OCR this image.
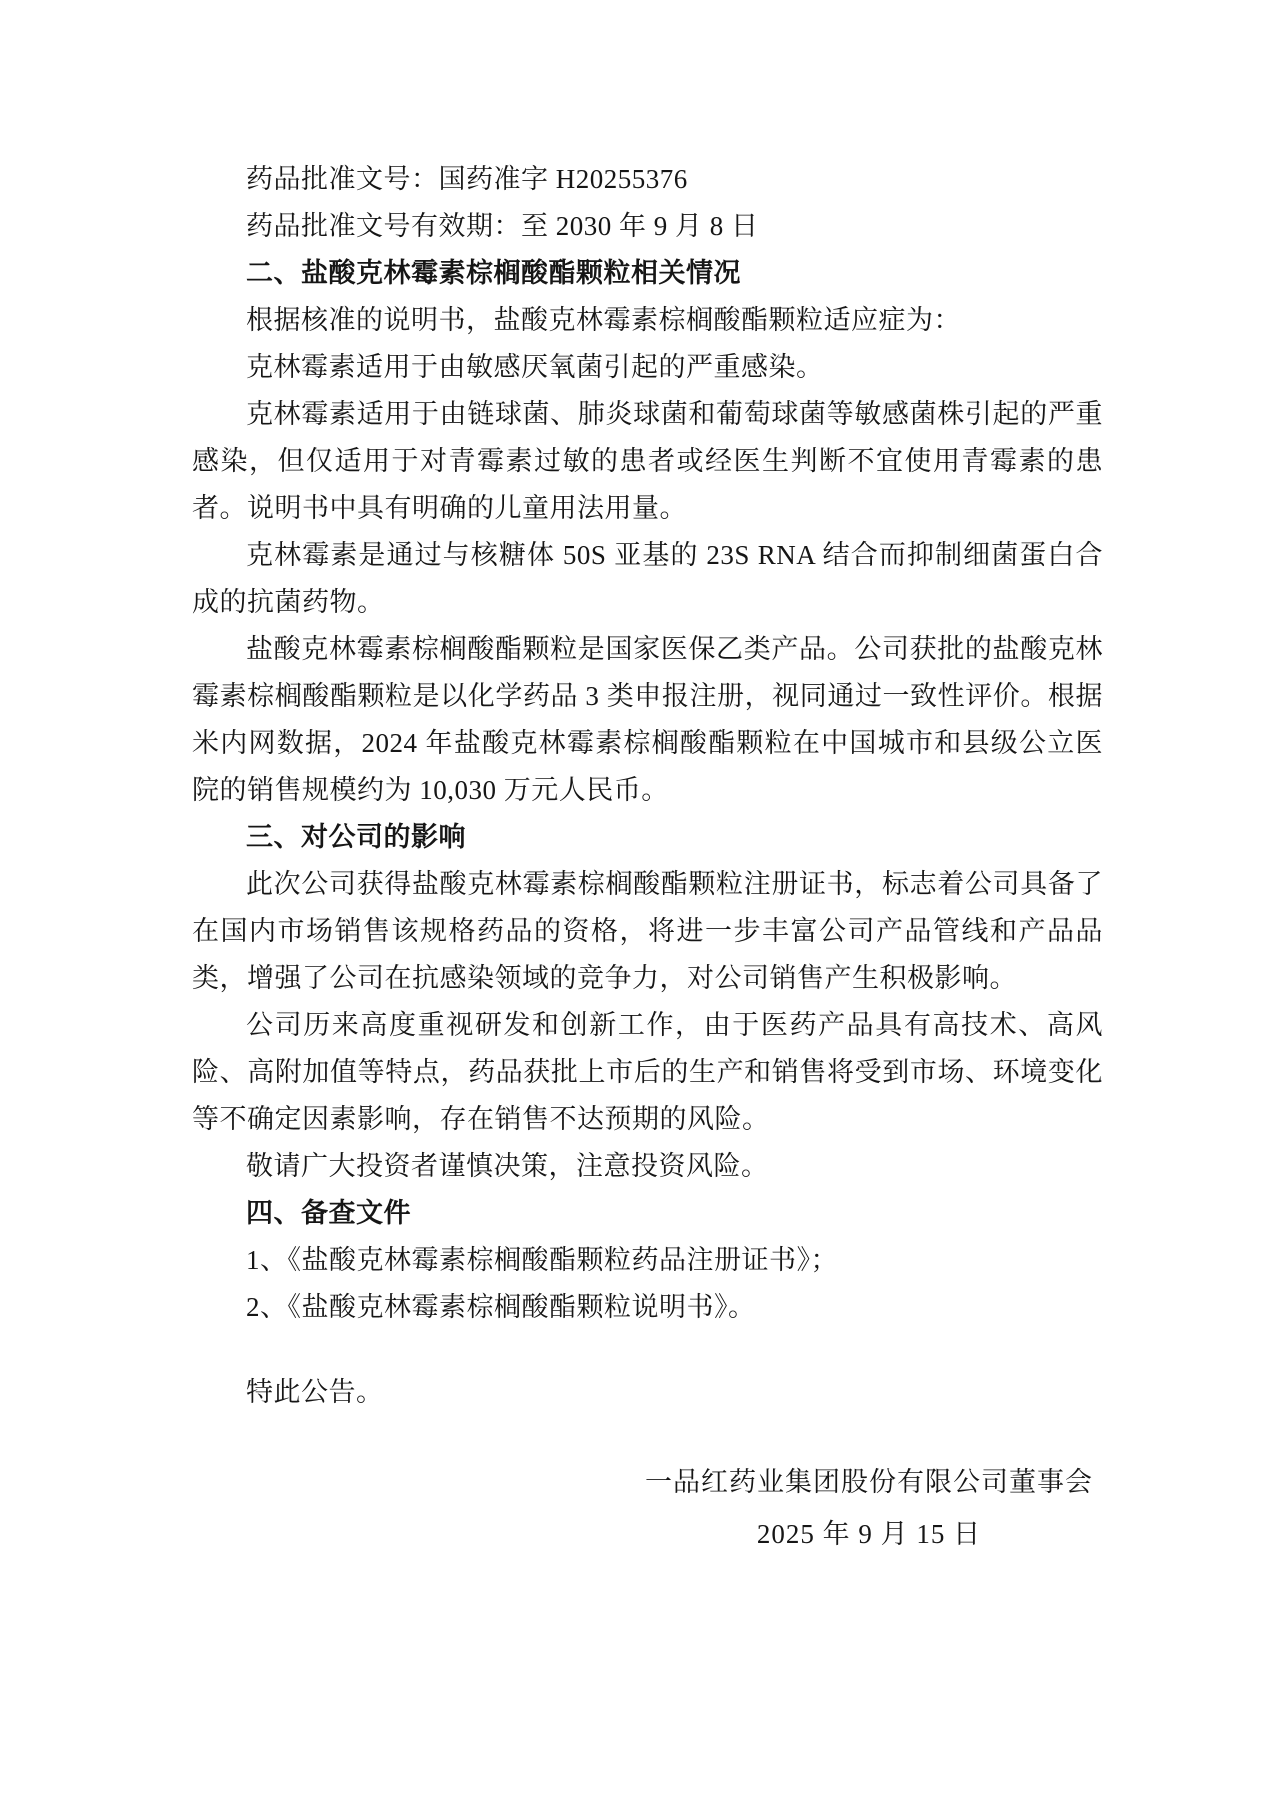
药品批准文号：国药准字 H20255376

药品批准文号有效期：至 2030 年 9 月 8 日

二、盐酸克林霉素棕榈酸酯颗粒相关情况

根据核准的说明书，盐酸克林霉素棕榈酸酯颗粒适应症为：

克林霉素适用于由敏感厌氧菌引起的严重感染。

克林霉素适用于由链球菌、肺炎球菌和葡萄球菌等敏感菌株引起的严重感染，但仅适用于对青霉素过敏的患者或经医生判断不宜使用青霉素的患者。说明书中具有明确的儿童用法用量。

克林霉素是通过与核糖体 50S 亚基的 23S RNA 结合而抑制细菌蛋白合成的抗菌药物。

盐酸克林霉素棕榈酸酯颗粒是国家医保乙类产品。公司获批的盐酸克林霉素棕榈酸酯颗粒是以化学药品 3 类申报注册，视同通过一致性评价。根据米内网数据，2024 年盐酸克林霉素棕榈酸酯颗粒在中国城市和县级公立医院的销售规模约为 10,030 万元人民币。

三、对公司的影响

此次公司获得盐酸克林霉素棕榈酸酯颗粒注册证书，标志着公司具备了在国内市场销售该规格药品的资格，将进一步丰富公司产品管线和产品品类，增强了公司在抗感染领域的竞争力，对公司销售产生积极影响。

公司历来高度重视研发和创新工作，由于医药产品具有高技术、高风险、高附加值等特点，药品获批上市后的生产和销售将受到市场、环境变化等不确定因素影响，存在销售不达预期的风险。

敬请广大投资者谨慎决策，注意投资风险。

四、备查文件

1、《盐酸克林霉素棕榈酸酯颗粒药品注册证书》；

2、《盐酸克林霉素棕榈酸酯颗粒说明书》。

特此公告。

一品红药业集团股份有限公司董事会

2025 年 9 月 15 日
